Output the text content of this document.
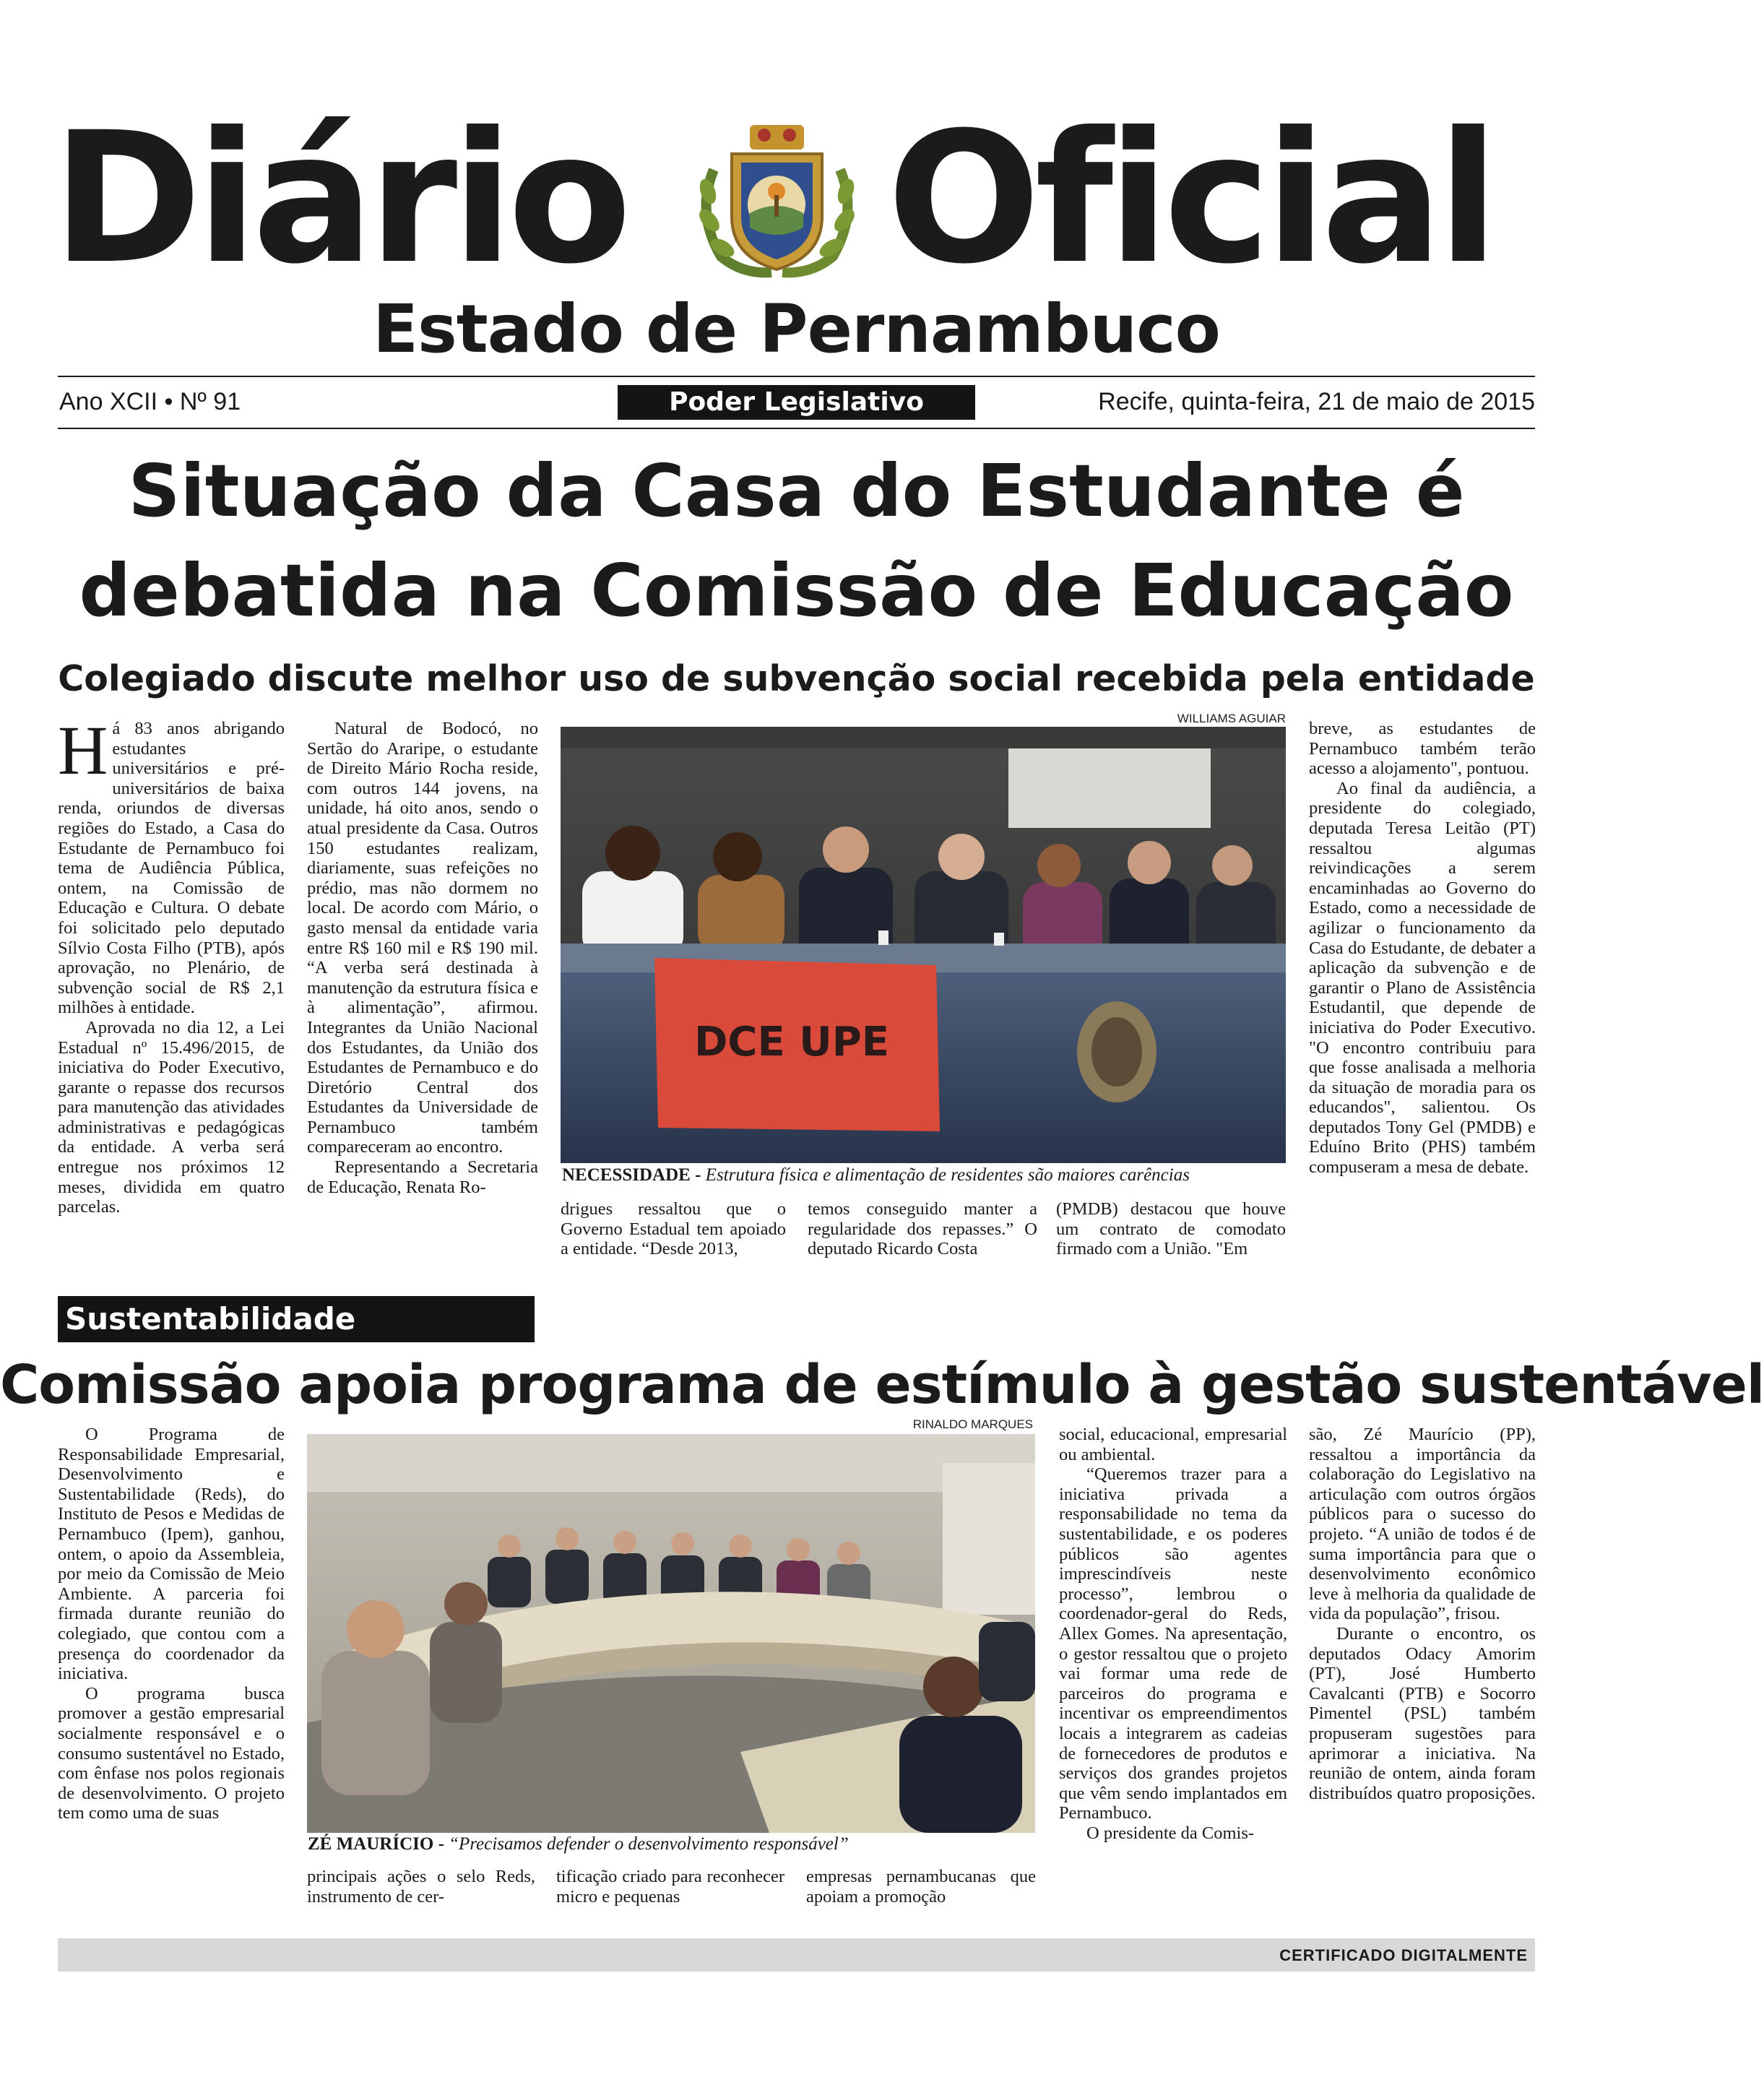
Diário Oficial
Estado de Pernambuco
Ano XCII • Nº 91	Poder Legislativo	Recife, quinta-feira, 21 de maio de 2015
Situação da Casa do Estudante é
debatida na Comissão de Educação
Colegiado discute melhor uso de subvenção social recebida pela entidade

Há 83 anos abrigando estudantes universitários e pré-universitários de baixa renda, oriundos de diversas regiões do Estado, a Casa do Estudante de Pernambuco foi tema de Audiência Pública, ontem, na Comissão de Educação e Cultura. O debate foi solicitado pelo deputado Sílvio Costa Filho (PTB), após aprovação, no Plenário, de subvenção social de R$ 2,1 milhões à entidade.

Aprovada no dia 12, a Lei Estadual nº 15.496/2015, de iniciativa do Poder Executivo, garante o repasse dos recursos para manutenção das atividades administrativas e pedagógicas da entidade. A verba será entregue nos próximos 12 meses, dividida em quatro parcelas.

Natural de Bodocó, no Sertão do Araripe, o estudante de Direito Mário Rocha reside, com outros 144 jovens, na unidade, há oito anos, sendo o atual presidente da Casa. Outros 150 estudantes realizam, diariamente, suas refeições no prédio, mas não dormem no local. De acordo com Mário, o gasto mensal da entidade varia entre R$ 160 mil e R$ 190 mil. “A verba será destinada à manutenção da estrutura física e à alimentação”, afirmou. Integrantes da União Nacional dos Estudantes, da União dos Estudantes de Pernambuco e do Diretório Central dos Estudantes da Universidade de Pernambuco também compareceram ao encontro.

Representando a Secretaria de Educação, Renata Ro-

WILLIAMS AGUIAR
DCE UPE
NECESSIDADE - Estrutura física e alimentação de residentes são maiores carências

drigues ressaltou que o Governo Estadual tem apoiado a entidade. “Desde 2013,

temos conseguido manter a regularidade dos repasses.” O deputado Ricardo Costa

(PMDB) destacou que houve um contrato de comodato firmado com a União. "Em

breve, as estudantes de Pernambuco também terão acesso a alojamento", pontuou.

Ao final da audiência, a presidente do colegiado, deputada Teresa Leitão (PT) ressaltou algumas reivindicações a serem encaminhadas ao Governo do Estado, como a necessidade de agilizar o funcionamento da Casa do Estudante, de debater a aplicação da subvenção e de garantir o Plano de Assistência Estudantil, que depende de iniciativa do Poder Executivo. "O encontro contribuiu para que fosse analisada a melhoria da situação de moradia para os educandos", salientou. Os deputados Tony Gel (PMDB) e Eduíno Brito (PHS) também compuseram a mesa de debate.

Sustentabilidade
Comissão apoia programa de estímulo à gestão sustentável

O Programa de Responsabilidade Empresarial, Desenvolvimento e Sustentabilidade (Reds), do Instituto de Pesos e Medidas de Pernambuco (Ipem), ganhou, ontem, o apoio da Assembleia, por meio da Comissão de Meio Ambiente. A parceria foi firmada durante reunião do colegiado, que contou com a presença do coordenador da iniciativa.

O programa busca promover a gestão empresarial socialmente responsável e o consumo sustentável no Estado, com ênfase nos polos regionais de desenvolvimento. O projeto tem como uma de suas

RINALDO MARQUES
ZÉ MAURÍCIO - “Precisamos defender o desenvolvimento responsável”

principais ações o selo Reds, instrumento de cer-

tificação criado para reconhecer micro e pequenas

empresas pernambucanas que apoiam a promoção

social, educacional, empresarial ou ambiental.

“Queremos trazer para a iniciativa privada a responsabilidade no tema da sustentabilidade, e os poderes públicos são agentes imprescindíveis neste processo”, lembrou o coordenador-geral do Reds, Allex Gomes. Na apresentação, o gestor ressaltou que o projeto vai formar uma rede de parceiros do programa e incentivar os empreendimentos locais a integrarem as cadeias de fornecedores de produtos e serviços dos grandes projetos que vêm sendo implantados em Pernambuco.

O presidente da Comis-

são, Zé Maurício (PP), ressaltou a importância da colaboração do Legislativo na articulação com outros órgãos públicos para o sucesso do projeto. “A união de todos é de suma importância para que o desenvolvimento econômico leve à melhoria da qualidade de vida da população”, frisou.

Durante o encontro, os deputados Odacy Amorim (PT), José Humberto Cavalcanti (PTB) e Socorro Pimentel (PSL) também propuseram sugestões para aprimorar a iniciativa. Na reunião de ontem, ainda foram distribuídos quatro proposições.

CERTIFICADO DIGITALMENTE
